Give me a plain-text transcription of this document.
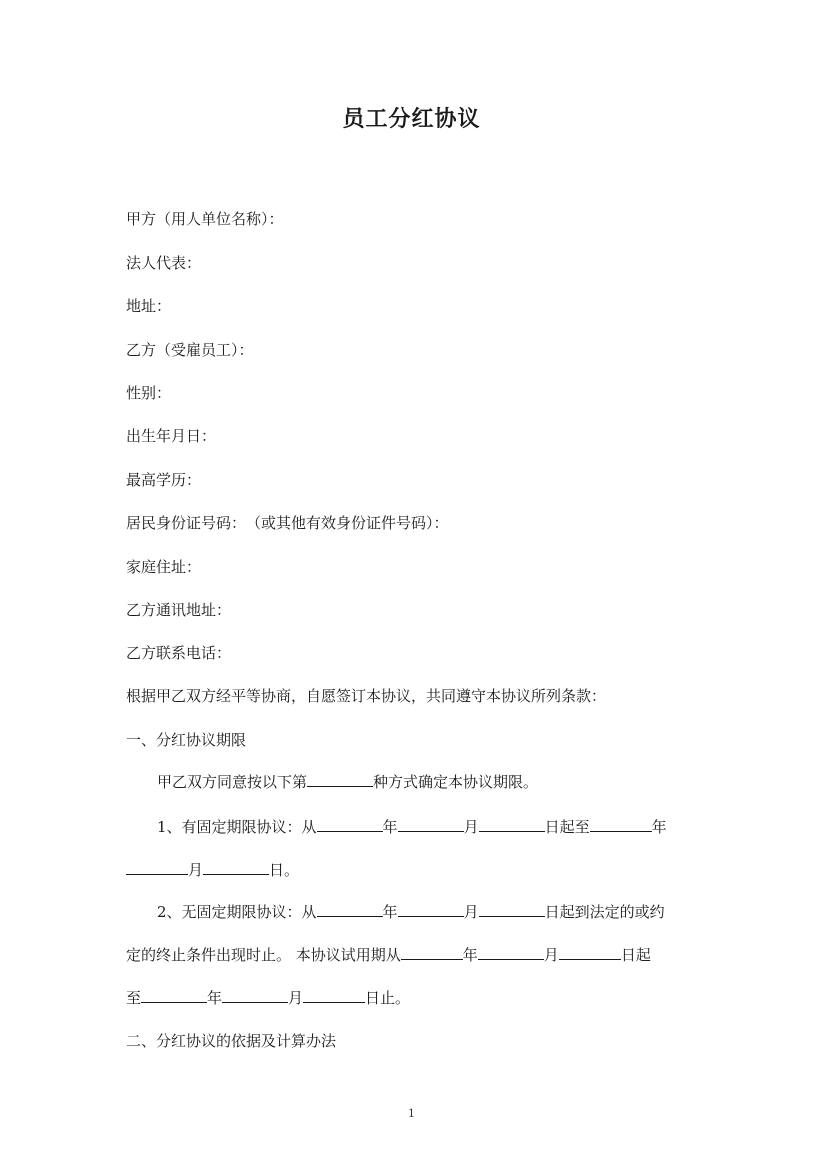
员工分红协议
甲方（用人单位名称）：
法人代表：
地址：
乙方（受雇员工）：
性别：
出生年月日：
最高学历：
居民身份证号码：　（或其他有效身份证件号码）：
家庭住址：
乙方通讯地址：
乙方联系电话：
根据甲乙双方经平等协商，自愿签订本协议，共同遵守本协议所列条款：
一、分红协议期限
甲乙双方同意按以下第	种方式确定本协议期限。
1、有固定期限协议：从	年	月	日起至	年
月	日。
2、无固定期限协议：从	年	月	日起到法定的或约
定的终止条件出现时止。 本协议试用期从	年	月	日起
至	年	月	日止。
二、分红协议的依据及计算办法
1
